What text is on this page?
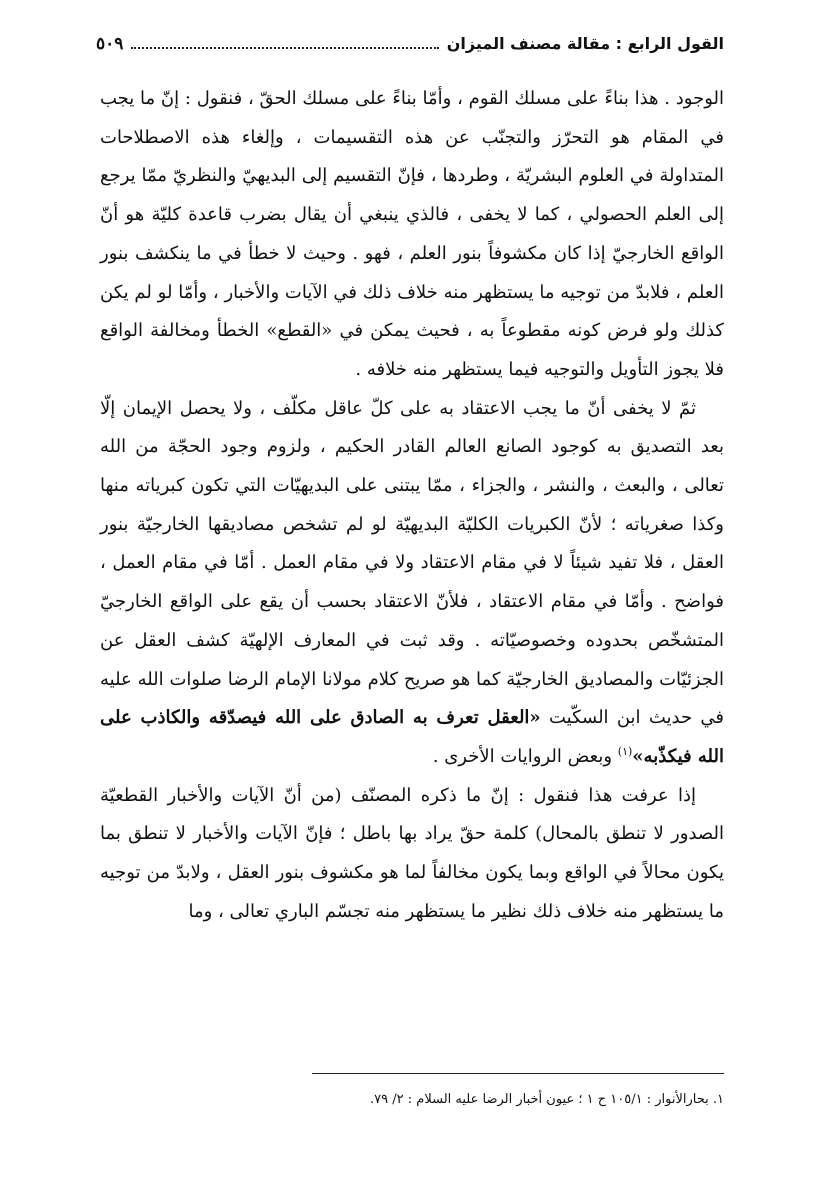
٥٠٩	القول الرابع : مقالة مصنف الميزان

الوجود . هذا بناءً على مسلك القوم ، وأمّا بناءً على مسلك الحقّ ، فنقول : إنّ ما يجب في المقام هو التحرّز والتجنّب عن هذه التقسيمات ، وإلغاء هذه الاصطلاحات المتداولة في العلوم البشريّة ، وطردها ، فإنّ التقسيم إلى البديهيّ والنظريّ ممّا يرجع إلى العلم الحصولي ، كما لا يخفى ، فالذي ينبغي أن يقال بضرب قاعدة كليّة هو أنّ الواقع الخارجيّ إذا كان مكشوفاً بنور العلم ، فهو . وحيث لا خطأ في ما ينكشف بنور العلم ، فلابدّ من توجيه ما يستظهر منه خلاف ذلك في الآيات والأخبار ، وأمّا لو لم يكن كذلك ولو فرض كونه مقطوعاً به ، فحيث يمكن في «القطع» الخطأ ومخالفة الواقع فلا يجوز التأويل والتوجيه فيما يستظهر منه خلافه .

ثمّ لا يخفى أنّ ما يجب الاعتقاد به على كلّ عاقل مكلّف ، ولا يحصل الإيمان إلّا بعد التصديق به كوجود الصانع العالم القادر الحكيم ، ولزوم وجود الحجّة من الله تعالى ، والبعث ، والنشر ، والجزاء ، ممّا يبتنى على البديهيّات التي تكون كبرياته منها وكذا صغرياته ؛ لأنّ الكبريات الكليّة البديهيّة لو لم تشخص مصاديقها الخارجيّة بنور العقل ، فلا تفيد شيئاً لا في مقام الاعتقاد ولا في مقام العمل . أمّا في مقام العمل ، فواضح . وأمّا في مقام الاعتقاد ، فلأنّ الاعتقاد بحسب أن يقع على الواقع الخارجيّ المتشخّص بحدوده وخصوصيّاته . وقد ثبت في المعارف الإلهيّة كشف العقل عن الجزئيّات والمصاديق الخارجيّة كما هو صريح كلام مولانا الإمام الرضا صلوات الله عليه في حديث ابن السكّيت «العقل تعرف به الصادق على الله فيصدّقه والكاذب على الله فيكذّبه»$^{(١)}$ وبعض الروايات الأخرى .

إذا عرفت هذا فنقول : إنّ ما ذكره المصنّف (من أنّ الآيات والأخبار القطعيّة الصدور لا تنطق بالمحال) كلمة حقّ يراد بها باطل ؛ فإنّ الآيات والأخبار لا تنطق بما يكون محالاً في الواقع وبما يكون مخالفاً لما هو مكشوف بنور العقل ، ولابدّ من توجيه ما يستظهر منه خلاف ذلك نظير ما يستظهر منه تجسّم الباري تعالى ، وما

١. بحارالأنوار : ١٠٥/١ ح ١ ؛ عيون أخبار الرضا عليه السلام : ٢/ ٧٩.
